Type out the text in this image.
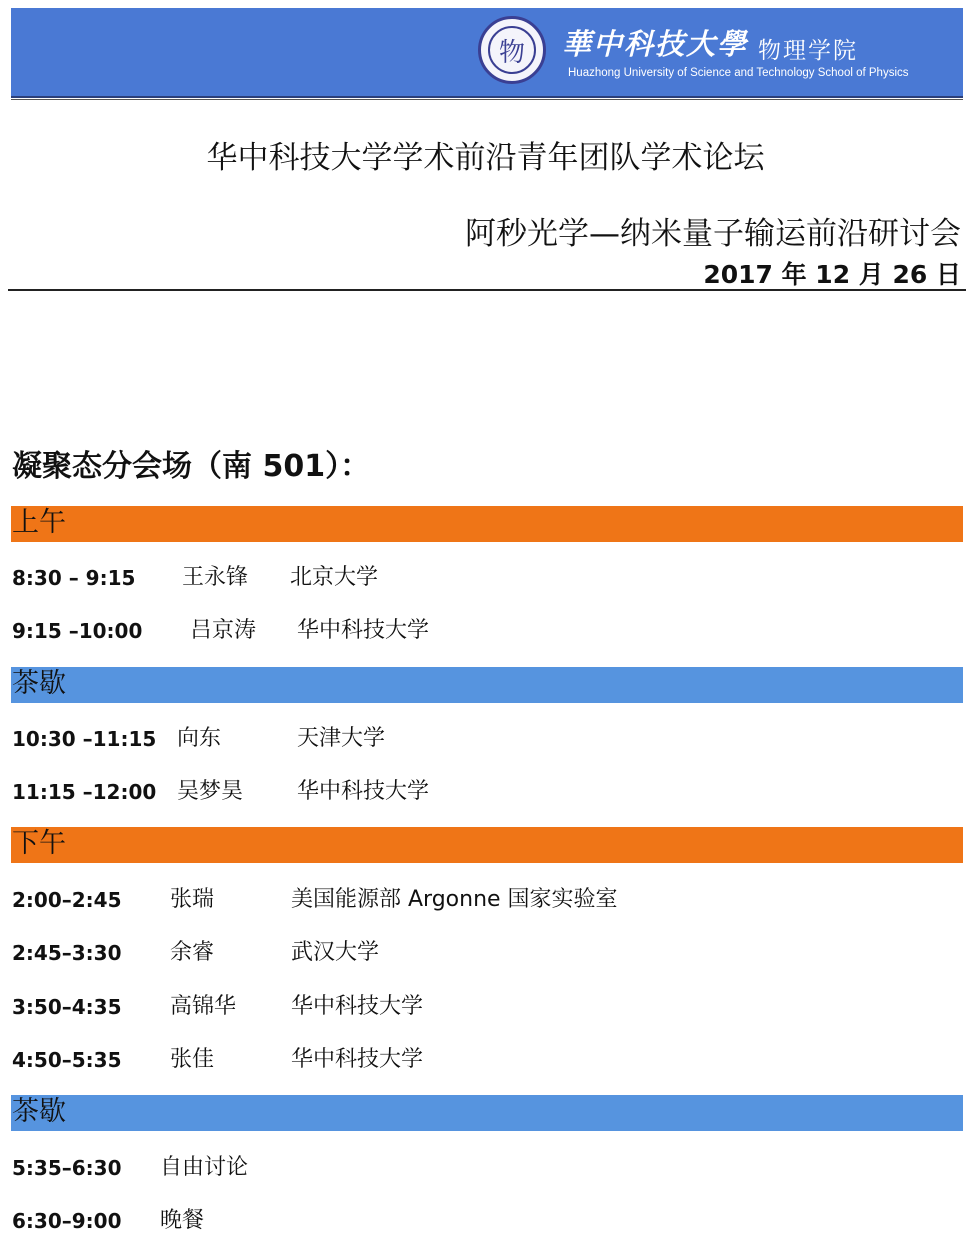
物	華中科技大學 物理学院
Huazhong University of Science and Technology School of Physics
华中科技大学学术前沿青年团队学术论坛
阿秒光学—纳米量子输运前沿研讨会
2017 年 12 月 26 日
凝聚态分会场（南 501）：
上午
8:30 – 9:15 王永锋 北京大学
9:15 –10:00 吕京涛 华中科技大学
茶歇
10:30 –11:15 向东	天津大学
11:15 –12:00 吴梦昊 华中科技大学
下午
2:00–2:45 张瑞	美国能源部 Argonne 国家实验室
2:45–3:30 余睿	武汉大学
3:50–4:35 高锦华 华中科技大学
4:50–5:35 张佳	华中科技大学
茶歇
5:35–6:30 自由讨论
6:30–9:00 晚餐
